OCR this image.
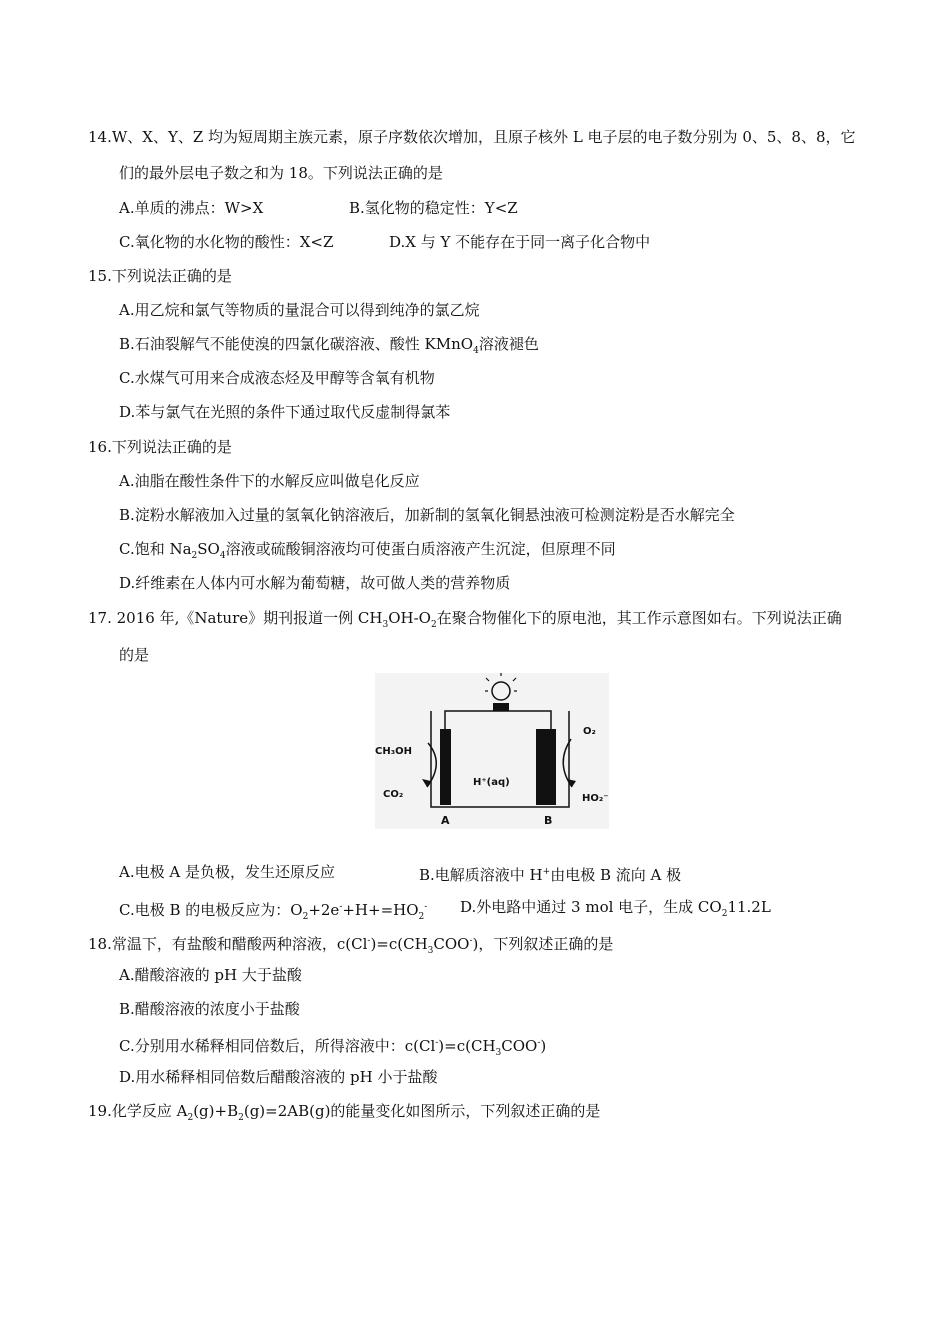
14.W、X、Y、Z 均为短周期主族元素，原子序数依次增加，且原子核外 L 电子层的电子数分别为 0、5、8、8，它
们的最外层电子数之和为 18。下列说法正确的是
A.单质的沸点：W>X	B.氢化物的稳定性：Y<Z
C.氧化物的水化物的酸性：X<Z	D.X 与 Y 不能存在于同一离子化合物中
15.下列说法正确的是
A.用乙烷和氯气等物质的量混合可以得到纯净的氯乙烷
B.石油裂解气不能使溴的四氯化碳溶液、酸性 KMnO$_4$溶液褪色
C.水煤气可用来合成液态烃及甲醇等含氧有机物
D.苯与氯气在光照的条件下通过取代反虚制得氯苯
16.下列说法正确的是
A.油脂在酸性条件下的水解反应叫做皂化反应
B.淀粉水解液加入过量的氢氧化钠溶液后，加新制的氢氧化铜悬浊液可检测淀粉是否水解完全
C.饱和 $Na_2SO_4$溶液或硫酸铜溶液均可使蛋白质溶液产生沉淀，但原理不同
D.纤维素在人体内可水解为葡萄糖，故可做人类的营养物质
17. 2016 年,《Nature》期刊报道一例 $CH_3OH-O_2$在聚合物催化下的原电池，其工作示意图如右。下列说法正确
的是
CH₃OH
CO₂
O₂
HO₂⁻
H⁺(aq)
A	B
A.电极 A 是负极，发生还原反应	B.电解质溶液中 H+由电极 B 流向 A 极
C.电极 B 的电极反应为：$O_2+2e^-+H+=HO_2^-$ D.外电路中通过 3 mol 电子，生成 $CO_211.2L$
18.常温下，有盐酸和醋酸两种溶液，$c(Cl^-)=c(CH_3COO^-)$，下列叙述正确的是
A.醋酸溶液的 pH 大于盐酸
B.醋酸溶液的浓度小于盐酸
C.分别用水稀释相同倍数后，所得溶液中：$c(Cl^-)=c(CH_3COO^-)$
D.用水稀释相同倍数后醋酸溶液的 pH 小于盐酸
19.化学反应 $A_2(g)+B_2(g)=2AB(g)$的能量变化如图所示，下列叙述正确的是
